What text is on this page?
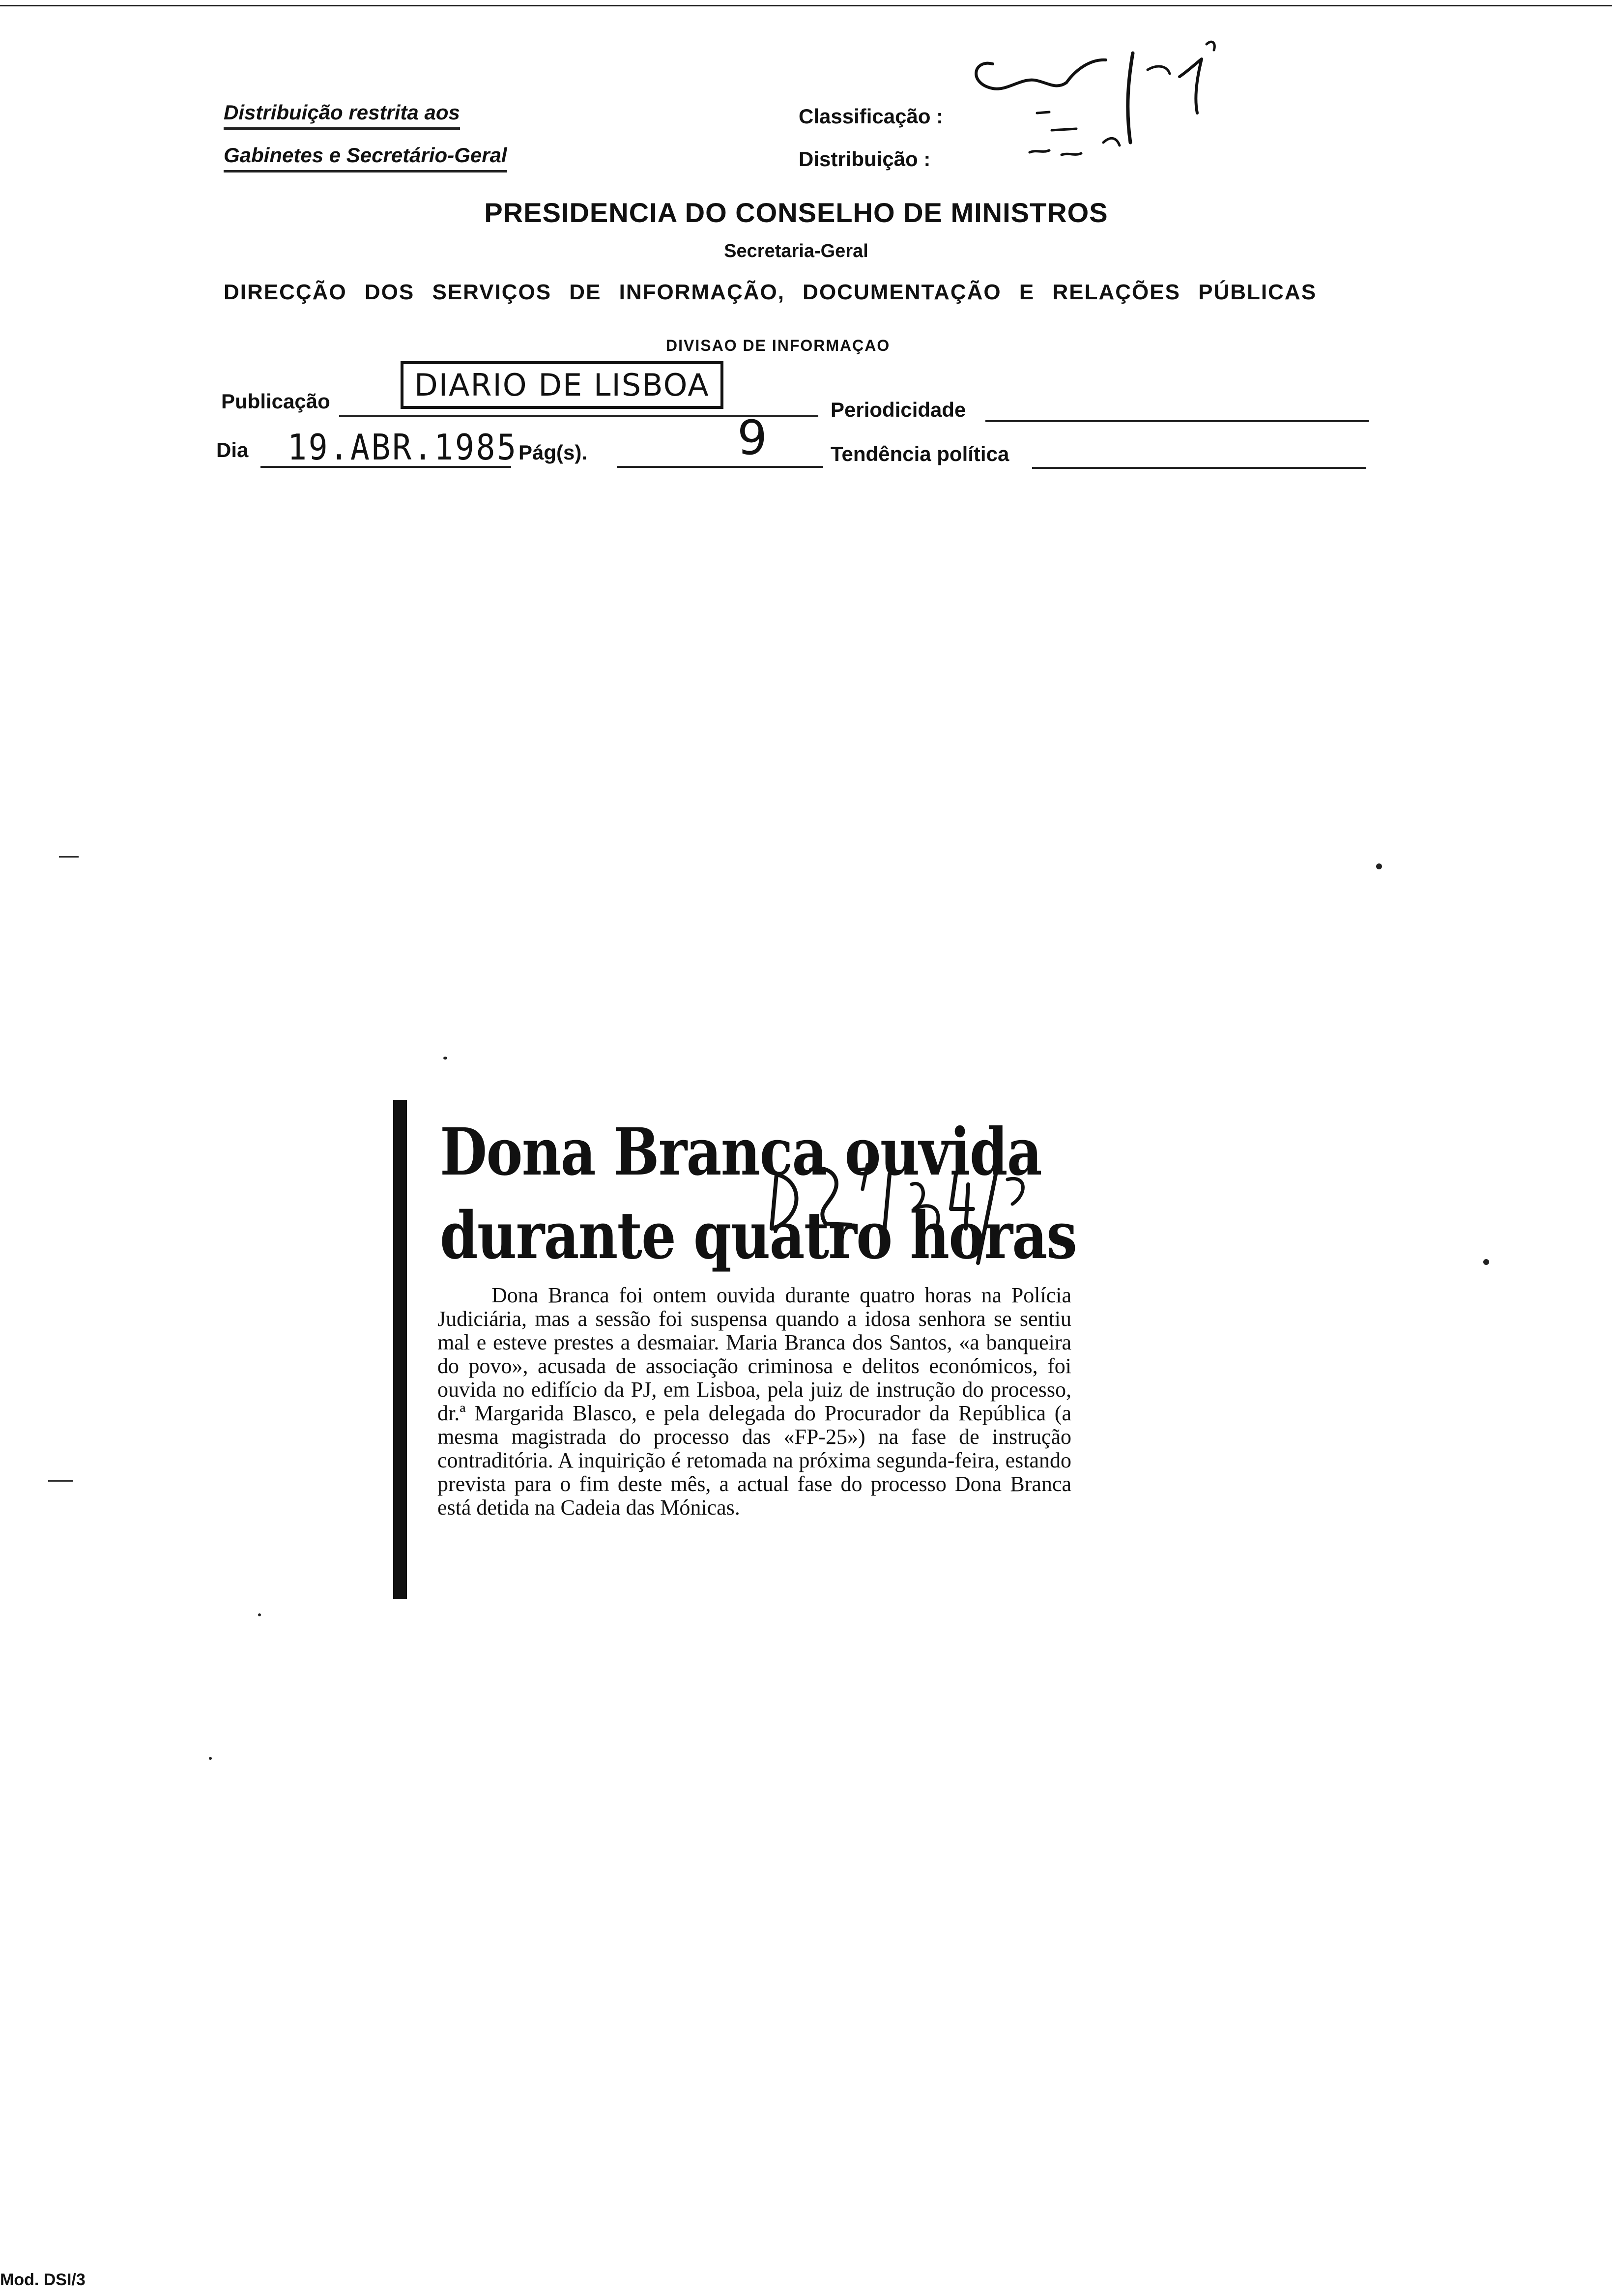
Distribuição restrita aos
Gabinetes e Secretário-Geral
Classificação :
Distribuição :
PRESIDENCIA DO CONSELHO DE MINISTROS
Secretaria-Geral
DIRECÇÃO DOS SERVIÇOS DE INFORMAÇÃO, DOCUMENTAÇÃO E RELAÇÕES PÚBLICAS
DIVISAO DE INFORMAÇAO
Publicação	DIARIO DE LISBOA
Periodicidade
Dia 19.ABR.1985 Pág(s).	9	Tendência política
Dona Branca ouvida
durante quatro horas
Dona Branca foi ontem ouvida durante quatro horas na Polícia Judiciária, mas a sessão foi suspensa quando a idosa senhora se sentiu mal e esteve prestes a desmaiar. Maria Branca dos Santos, «a banqueira do povo», acusada de associação criminosa e delitos económicos, foi ouvida no edifício da PJ, em Lisboa, pela juiz de instrução do processo, dr.ª Margarida Blasco, e pela delegada do Procurador da República (a mesma magistrada do processo das «FP-25») na fase de instrução contraditória. A inquirição é retomada na próxima segunda-feira, estando prevista para o fim deste mês, a actual fase do processo Dona Branca está detida na Cadeia das Mónicas.
Mod. DSI/3
